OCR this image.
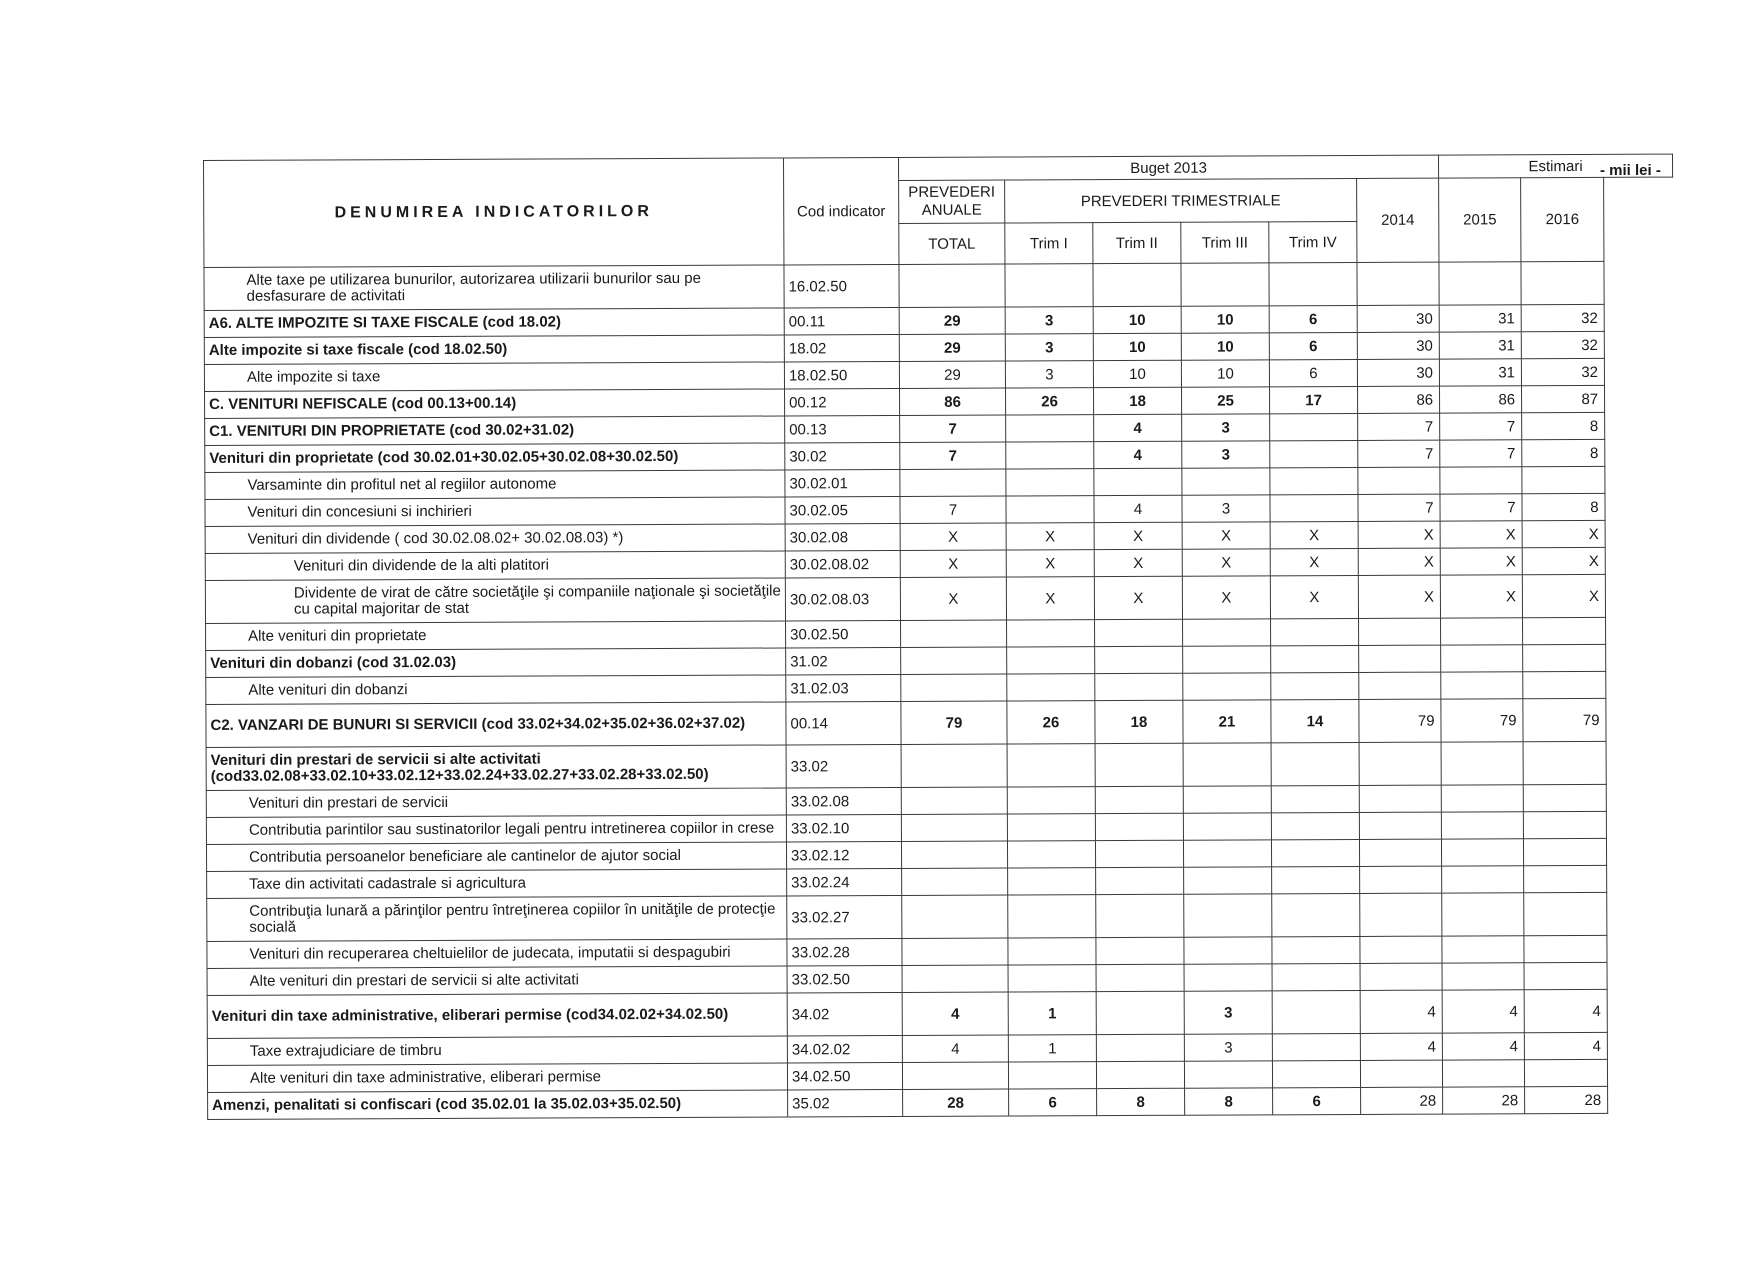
- mii lei -
DENUMIREA INDICATORILOR	Cod indicator	Buget 2013						Estimari	
		PREVEDERI ANUALE	PREVEDERI TRIMESTRIALE				2014	2015	2016
		TOTAL	Trim I	Trim II	Trim III	Trim IV			
Alte taxe pe utilizarea bunurilor, autorizarea utilizarii bunurilor sau pe desfasurare de activitati	16.02.50								
A6. ALTE IMPOZITE SI TAXE FISCALE (cod 18.02)	00.11	29	3	10	10	6	30	31	32
Alte impozite si taxe fiscale (cod 18.02.50)	18.02	29	3	10	10	6	30	31	32
Alte impozite si taxe	18.02.50	29	3	10	10	6	30	31	32
C. VENITURI NEFISCALE (cod 00.13+00.14)	00.12	86	26	18	25	17	86	86	87
C1. VENITURI DIN PROPRIETATE (cod 30.02+31.02)	00.13	7		4	3		7	7	8
Venituri din proprietate (cod 30.02.01+30.02.05+30.02.08+30.02.50)	30.02	7		4	3		7	7	8
Varsaminte din profitul net al regiilor autonome	30.02.01								
Venituri din concesiuni si inchirieri	30.02.05	7		4	3		7	7	8
Venituri din dividende ( cod 30.02.08.02+ 30.02.08.03) *)	30.02.08	X	X	X	X	X	X	X	X
Venituri din dividende de la alti platitori	30.02.08.02	X	X	X	X	X	X	X	X
Dividente de virat de către societăţile şi companiile naţionale şi societăţile cu capital majoritar de stat	30.02.08.03	X	X	X	X	X	X	X	X
Alte venituri din proprietate	30.02.50								
Venituri din dobanzi (cod 31.02.03)	31.02								
Alte venituri din dobanzi	31.02.03								
C2. VANZARI DE BUNURI SI SERVICII (cod 33.02+34.02+35.02+36.02+37.02)	00.14	79	26	18	21	14	79	79	79
Venituri din prestari de servicii si alte activitati (cod33.02.08+33.02.10+33.02.12+33.02.24+33.02.27+33.02.28+33.02.50)	33.02								
Venituri din prestari de servicii	33.02.08								
Contributia parintilor sau sustinatorilor legali pentru intretinerea copiilor in crese	33.02.10								
Contributia persoanelor beneficiare ale cantinelor de ajutor social	33.02.12								
Taxe din activitati cadastrale si agricultura	33.02.24								
Contribuţia lunară a părinţilor pentru întreţinerea copiilor în unităţile de protecţie socială	33.02.27								
Venituri din recuperarea cheltuielilor de judecata, imputatii si despagubiri	33.02.28								
Alte venituri din prestari de servicii si alte activitati	33.02.50								
Venituri din taxe administrative, eliberari permise (cod34.02.02+34.02.50)	34.02	4	1		3		4	4	4
Taxe extrajudiciare de timbru	34.02.02	4	1		3		4	4	4
Alte venituri din taxe administrative, eliberari permise	34.02.50								
Amenzi, penalitati si confiscari (cod 35.02.01 la 35.02.03+35.02.50)	35.02	28	6	8	8	6	28	28	28
